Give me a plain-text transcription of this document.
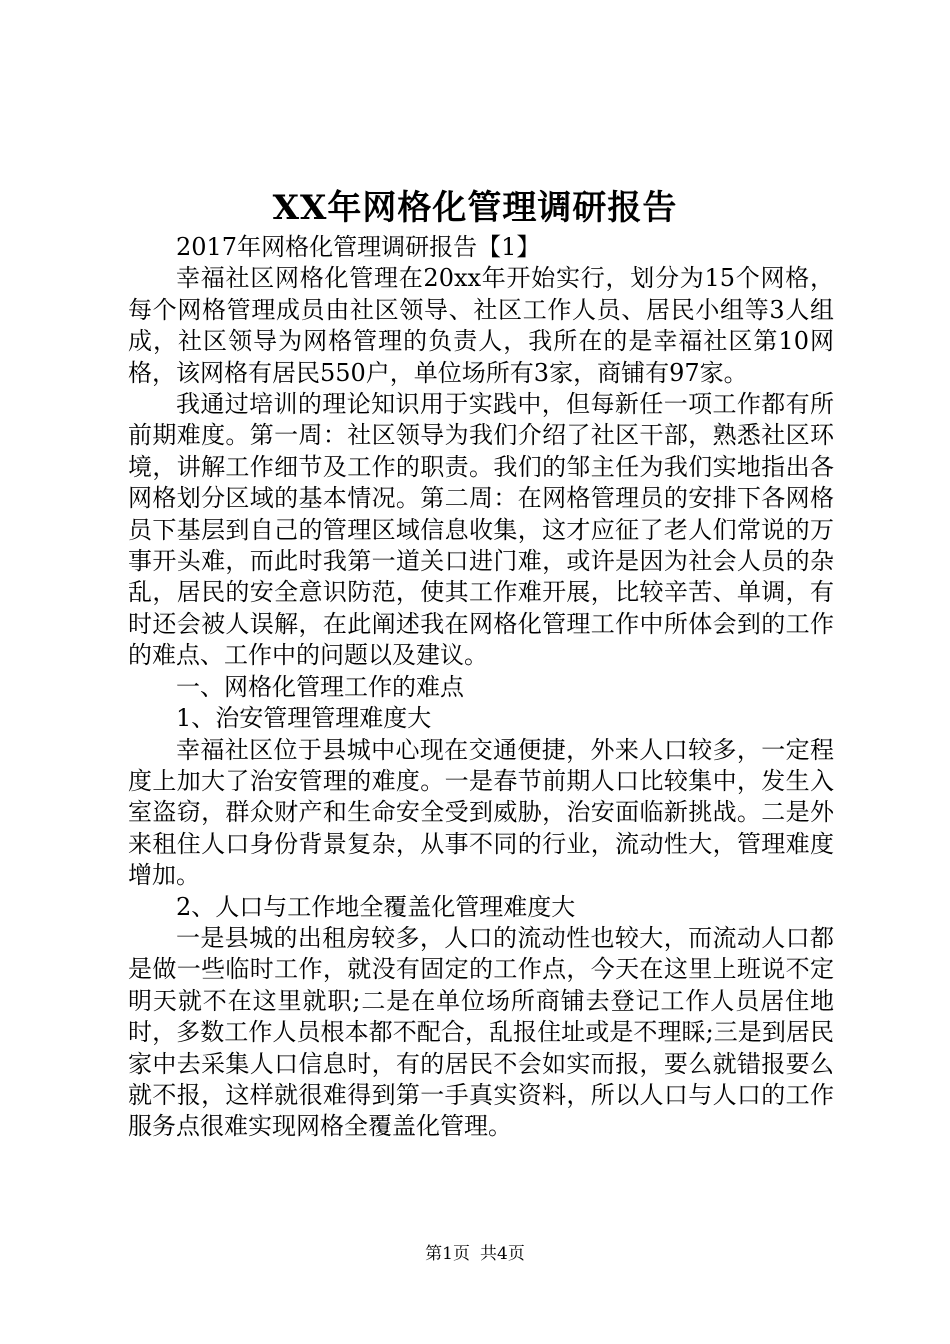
XX年网格化管理调研报告

2017年网格化管理调研报告【1】

幸福社区网格化管理在20xx年开始实行，划分为15个网格，每个网格管理成员由社区领导、社区工作人员、居民小组等3人组成，社区领导为网格管理的负责人，我所在的是幸福社区第10网格，该网格有居民550户，单位场所有3家，商铺有97家。

我通过培训的理论知识用于实践中，但每新任一项工作都有所前期难度。第一周：社区领导为我们介绍了社区干部，熟悉社区环境，讲解工作细节及工作的职责。我们的邹主任为我们实地指出各网格划分区域的基本情况。第二周：在网格管理员的安排下各网格员下基层到自己的管理区域信息收集，这才应征了老人们常说的万事开头难，而此时我第一道关口进门难，或许是因为社会人员的杂乱，居民的安全意识防范，使其工作难开展，比较辛苦、单调，有时还会被人误解，在此阐述我在网格化管理工作中所体会到的工作的难点、工作中的问题以及建议。

一、网格化管理工作的难点

1、治安管理管理难度大

幸福社区位于县城中心现在交通便捷，外来人口较多，一定程度上加大了治安管理的难度。一是春节前期人口比较集中，发生入室盗窃，群众财产和生命安全受到威胁，治安面临新挑战。二是外来租住人口身份背景复杂，从事不同的行业，流动性大，管理难度增加。

2、人口与工作地全覆盖化管理难度大

一是县城的出租房较多，人口的流动性也较大，而流动人口都是做一些临时工作，就没有固定的工作点，今天在这里上班说不定明天就不在这里就职;二是在单位场所商铺去登记工作人员居住地时，多数工作人员根本都不配合，乱报住址或是不理睬;三是到居民家中去采集人口信息时，有的居民不会如实而报，要么就错报要么就不报，这样就很难得到第一手真实资料，所以人口与人口的工作服务点很难实现网格全覆盖化管理。

第1页 共4页
